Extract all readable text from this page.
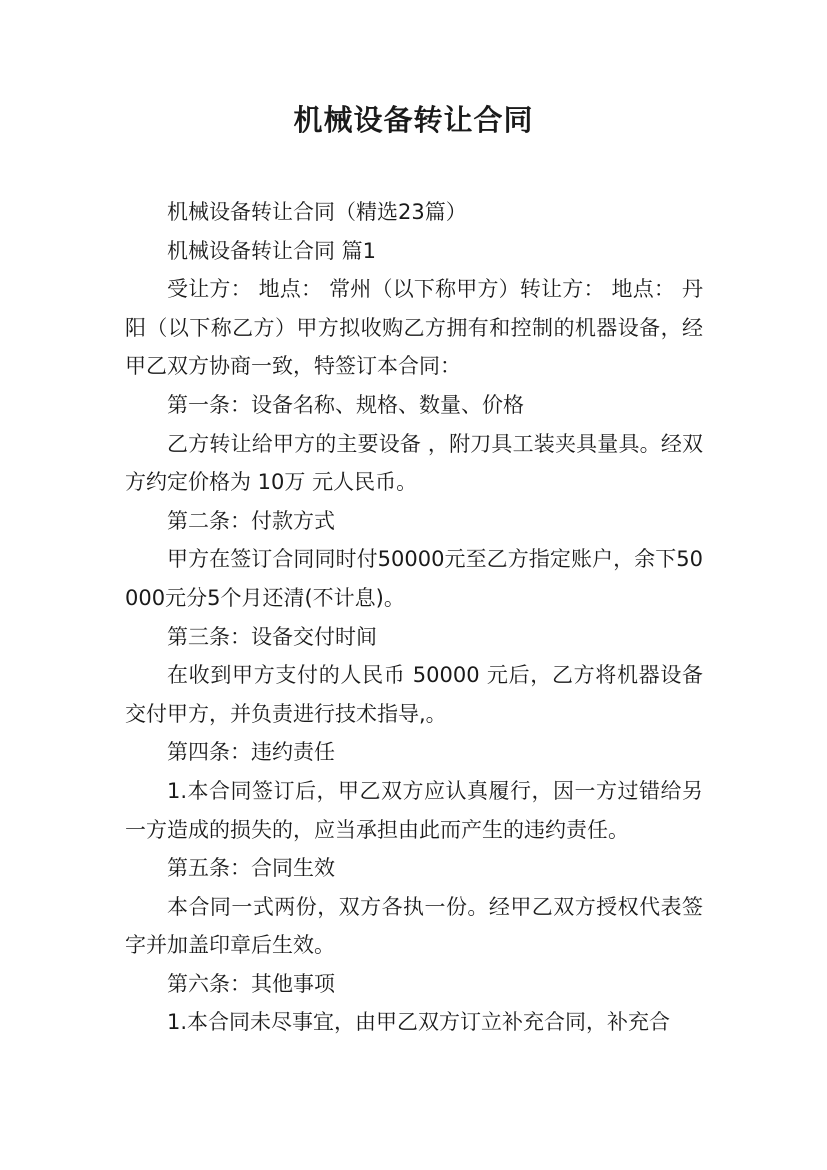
机械设备转让合同

机械设备转让合同（精选23篇）

机械设备转让合同 篇1

受让方： 地点： 常州（以下称甲方）转让方： 地点： 丹阳（以下称乙方）甲方拟收购乙方拥有和控制的机器设备，经甲乙双方协商一致，特签订本合同：

第一条：设备名称、规格、数量、价格

乙方转让给甲方的主要设备 ，附刀具工装夹具量具。经双方约定价格为 10万 元人民币。

第二条：付款方式

甲方在签订合同同时付50000元至乙方指定账户，余下50000元分5个月还清(不计息)。

第三条：设备交付时间

在收到甲方支付的人民币 50000 元后，乙方将机器设备交付甲方，并负责进行技术指导,。

第四条：违约责任

1.本合同签订后，甲乙双方应认真履行，因一方过错给另一方造成的损失的，应当承担由此而产生的违约责任。

第五条：合同生效

本合同一式两份，双方各执一份。经甲乙双方授权代表签字并加盖印章后生效。

第六条：其他事项

1.本合同未尽事宜，由甲乙双方订立补充合同，补充合
